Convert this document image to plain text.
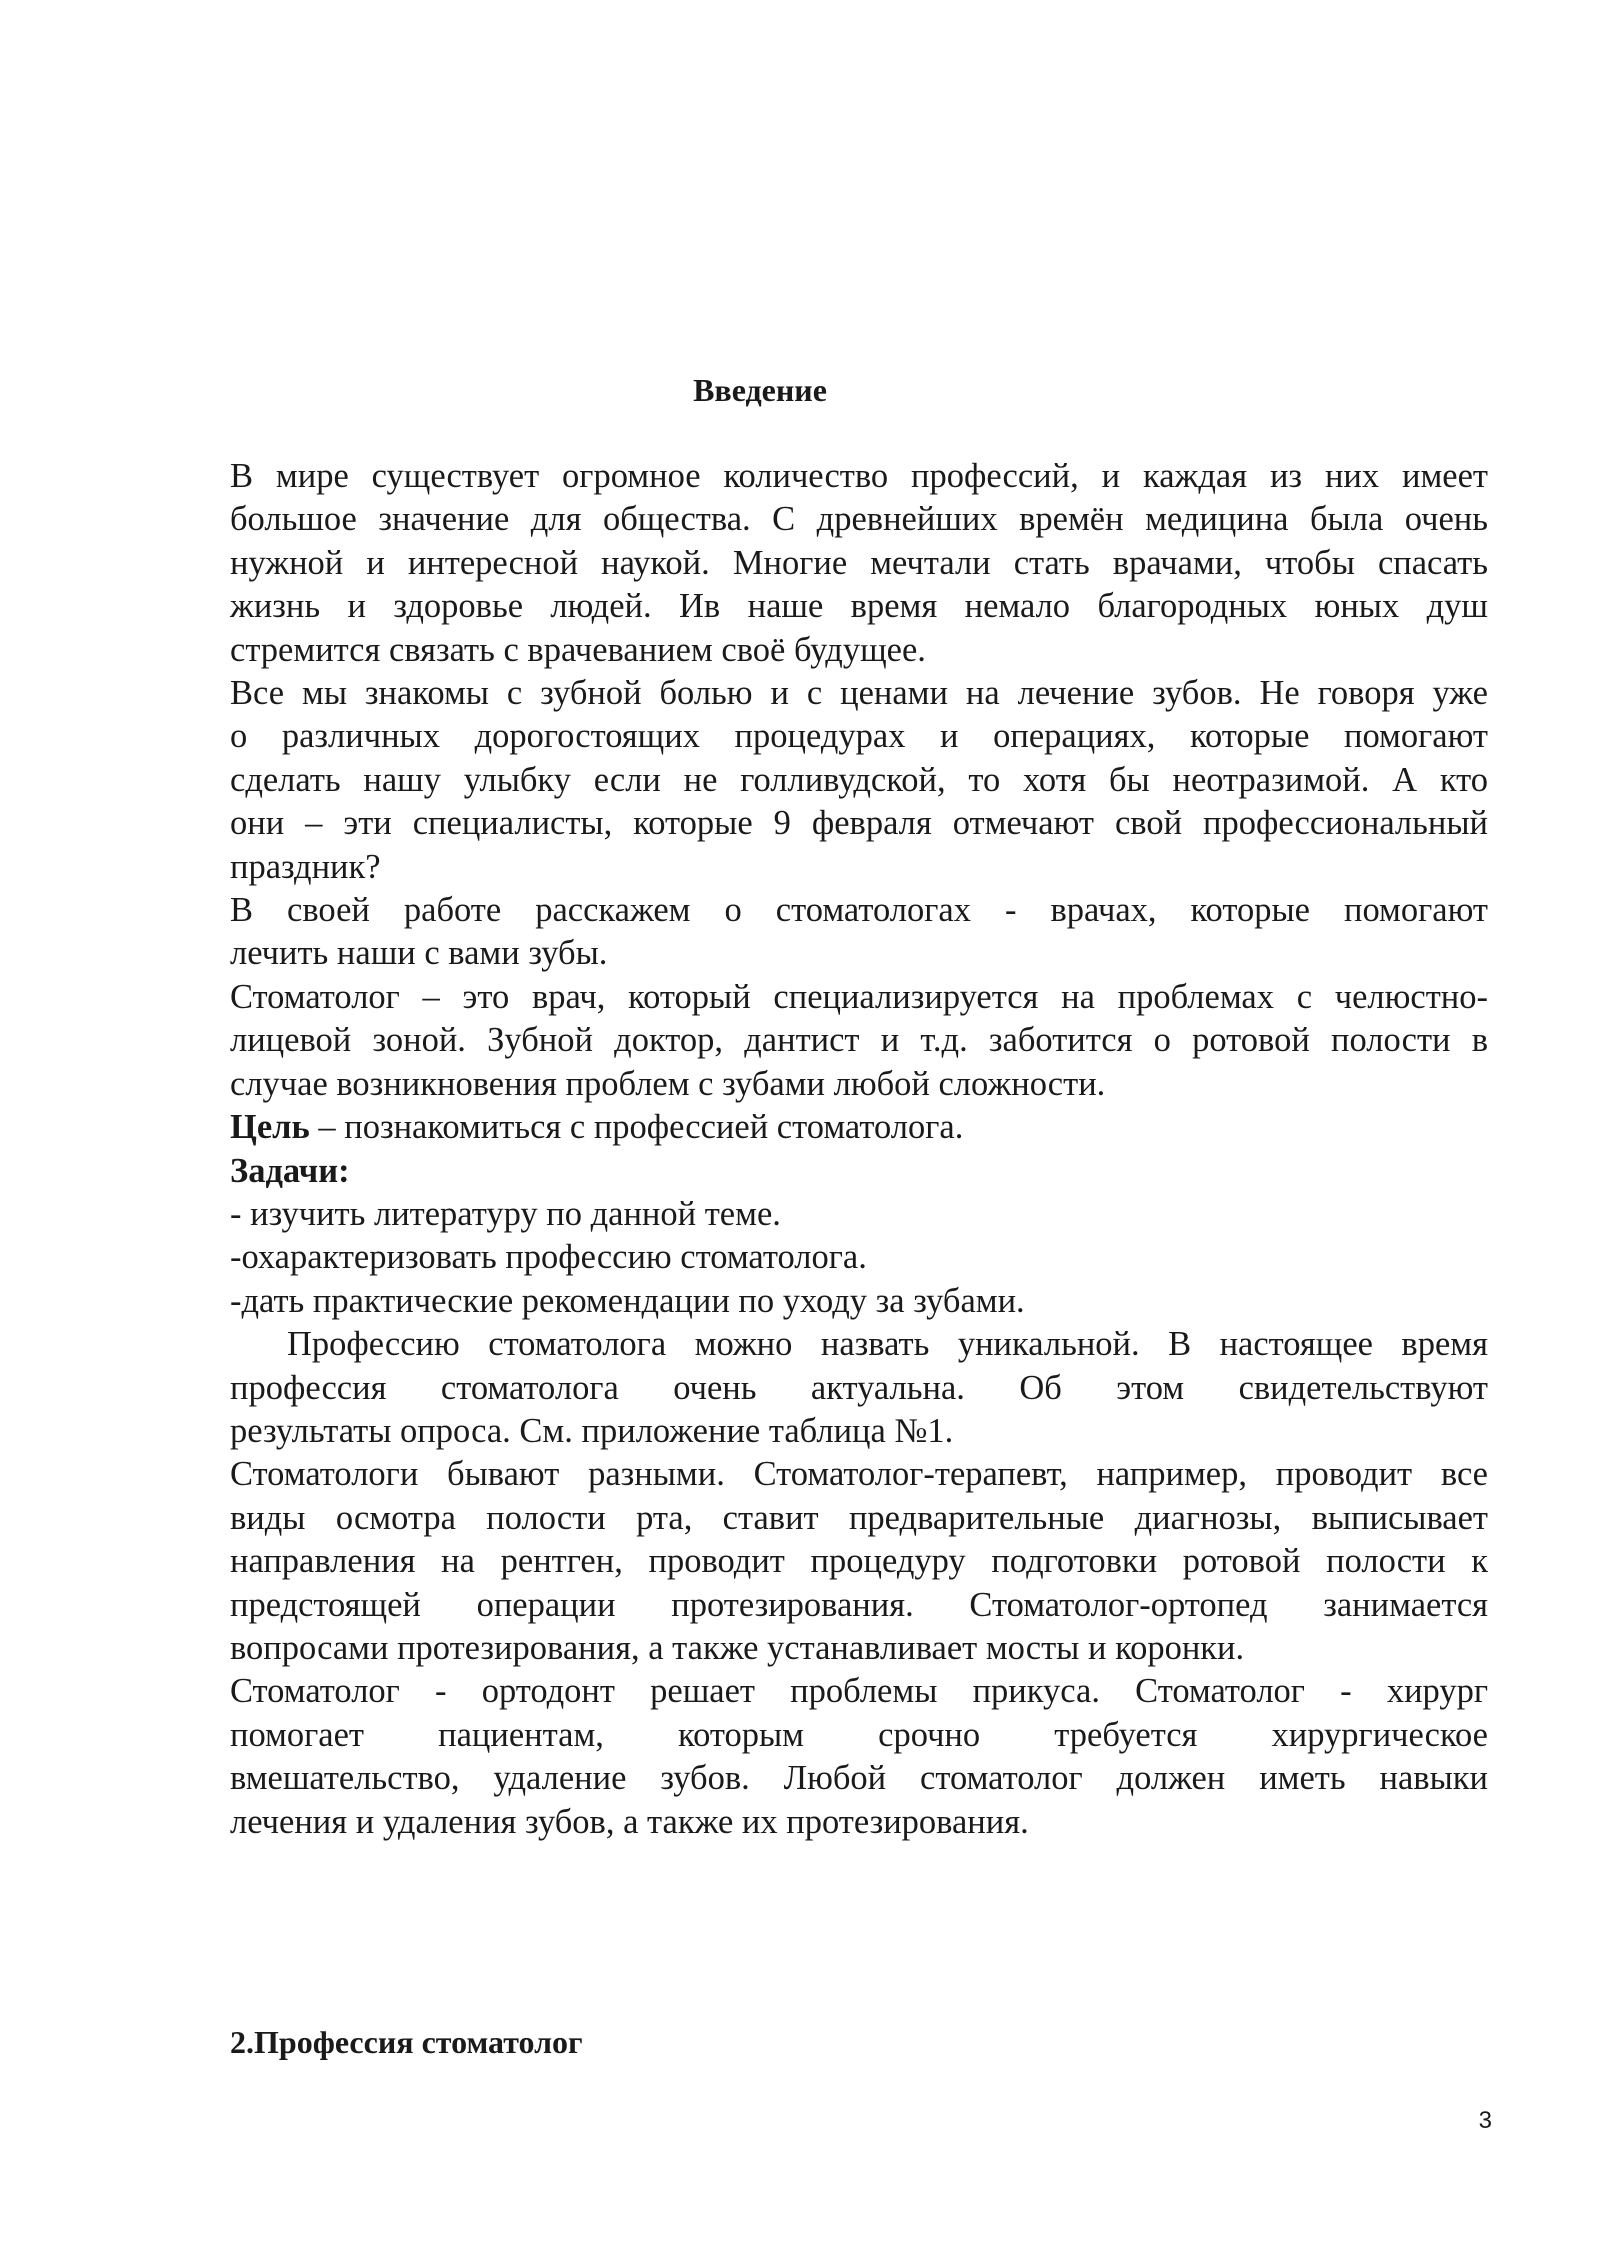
Введение
В мире существует огромное количество профессий, и каждая из них имеет
большое значение для общества. С древнейших времён медицина была очень
нужной и интересной наукой. Многие мечтали стать врачами, чтобы спасать
жизнь и здоровье людей. Ив наше время немало благородных юных душ
стремится связать с врачеванием своё будущее.
Все мы знакомы с зубной болью и с ценами на лечение зубов. Не говоря уже
о различных дорогостоящих процедурах и операциях, которые помогают
сделать нашу улыбку если не голливудской, то хотя бы неотразимой. А кто
они – эти специалисты, которые 9 февраля отмечают свой профессиональный
праздник?
В своей работе расскажем о стоматологах - врачах, которые помогают
лечить наши с вами зубы.
Стоматолог – это врач, который специализируется на проблемах с челюстно-
лицевой зоной. Зубной доктор, дантист и т.д. заботится о ротовой полости в
случае возникновения проблем с зубами любой сложности.
Цель – познакомиться с профессией стоматолога.
Задачи:
- изучить литературу по данной теме.
-охарактеризовать профессию стоматолога.
-дать практические рекомендации по уходу за зубами.
Профессию стоматолога можно назвать уникальной. В настоящее время
профессия стоматолога очень актуальна. Об этом свидетельствуют
результаты опроса. См. приложение таблица №1.
Стоматологи бывают разными. Стоматолог-терапевт, например, проводит все
виды осмотра полости рта, ставит предварительные диагнозы, выписывает
направления на рентген, проводит процедуру подготовки ротовой полости к
предстоящей операции протезирования. Стоматолог-ортопед занимается
вопросами протезирования, а также устанавливает мосты и коронки.
Стоматолог - ортодонт решает проблемы прикуса. Стоматолог - хирург
помогает пациентам, которым срочно требуется хирургическое
вмешательство, удаление зубов. Любой стоматолог должен иметь навыки
лечения и удаления зубов, а также их протезирования.
2.Профессия стоматолог
3
